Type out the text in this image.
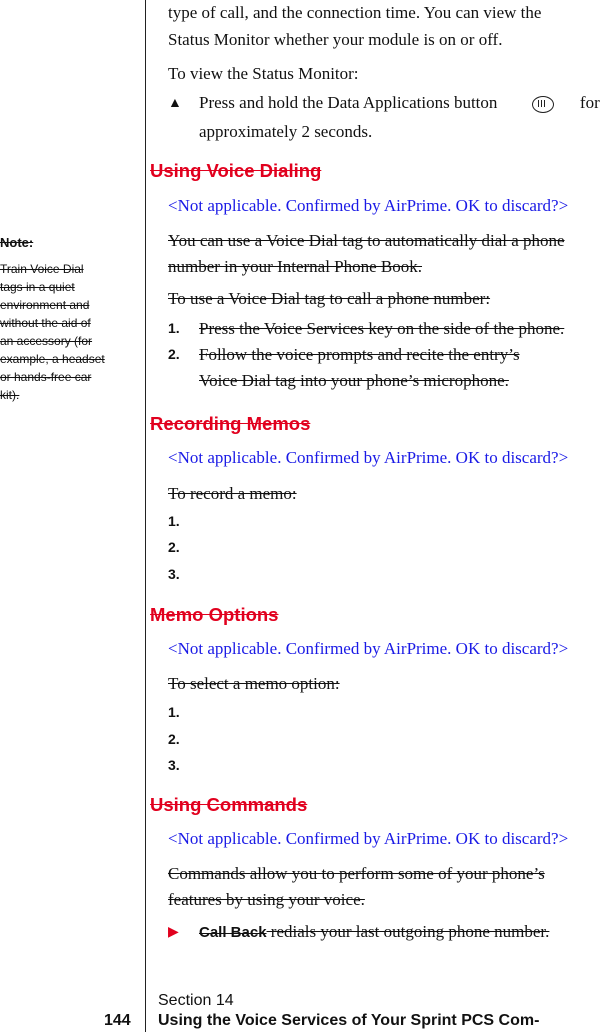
type of call, and the connection time. You can view the
Status Monitor whether your module is on or off.
To view the Status Monitor:
▲ Press and hold the Data Applications button	for
approximately 2 seconds.
Note:
Train Voice Dial
tags in a quiet
environment and
without the aid of
an accessory (for
example, a headset
or hands-free car
kit).
Using Voice Dialing
<Not applicable. Confirmed by AirPrime. OK to discard?>
You can use a Voice Dial tag to automatically dial a phone
number in your Internal Phone Book.
To use a Voice Dial tag to call a phone number:
1. Press the Voice Services key on the side of the phone.
2. Follow the voice prompts and recite the entry’s
Voice Dial tag into your phone’s microphone.
Recording Memos
<Not applicable. Confirmed by AirPrime. OK to discard?>
To record a memo:
1.
2.
3.
Memo Options
<Not applicable. Confirmed by AirPrime. OK to discard?>
To select a memo option:
1.
2.
3.
Using Commands
<Not applicable. Confirmed by AirPrime. OK to discard?>
Commands allow you to perform some of your phone’s
features by using your voice.
▶ Call Back redials your last outgoing phone number.
Section 14
144 Using the Voice Services of Your Sprint PCS Com-
